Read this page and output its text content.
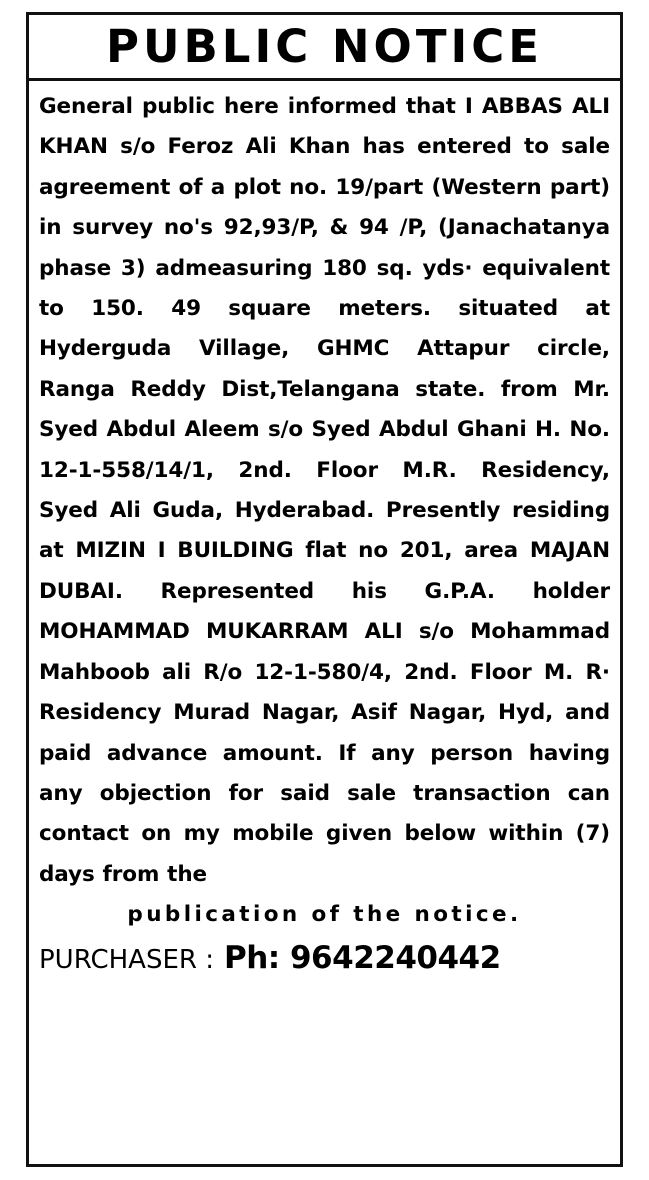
PUBLIC NOTICE

General public here informed that I ABBAS ALI KHAN s/o Feroz Ali Khan has entered to sale agreement of a plot no. 19/part (Western part) in survey no's 92,93/P, & 94 /P, (Janachatanya phase 3) admeasuring 180 sq. yds· equivalent to 150. 49 square meters. situated at Hyderguda Village, GHMC Attapur circle, Ranga Reddy Dist,Telangana state. from Mr. Syed Abdul Aleem s/o Syed Abdul Ghani H. No. 12-1-558/14/1, 2nd. Floor M.R. Residency, Syed Ali Guda, Hyderabad. Presently residing at MIZIN I BUILDING flat no 201, area MAJAN DUBAI. Represented his G.P.A. holder MOHAMMAD MUKARRAM ALI s/o Mohammad Mahboob ali R/o 12-1-580/4, 2nd. Floor M. R· Residency Murad Nagar, Asif Nagar, Hyd, and paid advance amount. If any person having any objection for said sale transaction can contact on my mobile given below within (7) days from the

publication of the notice.

PURCHASER : Ph: 9642240442
